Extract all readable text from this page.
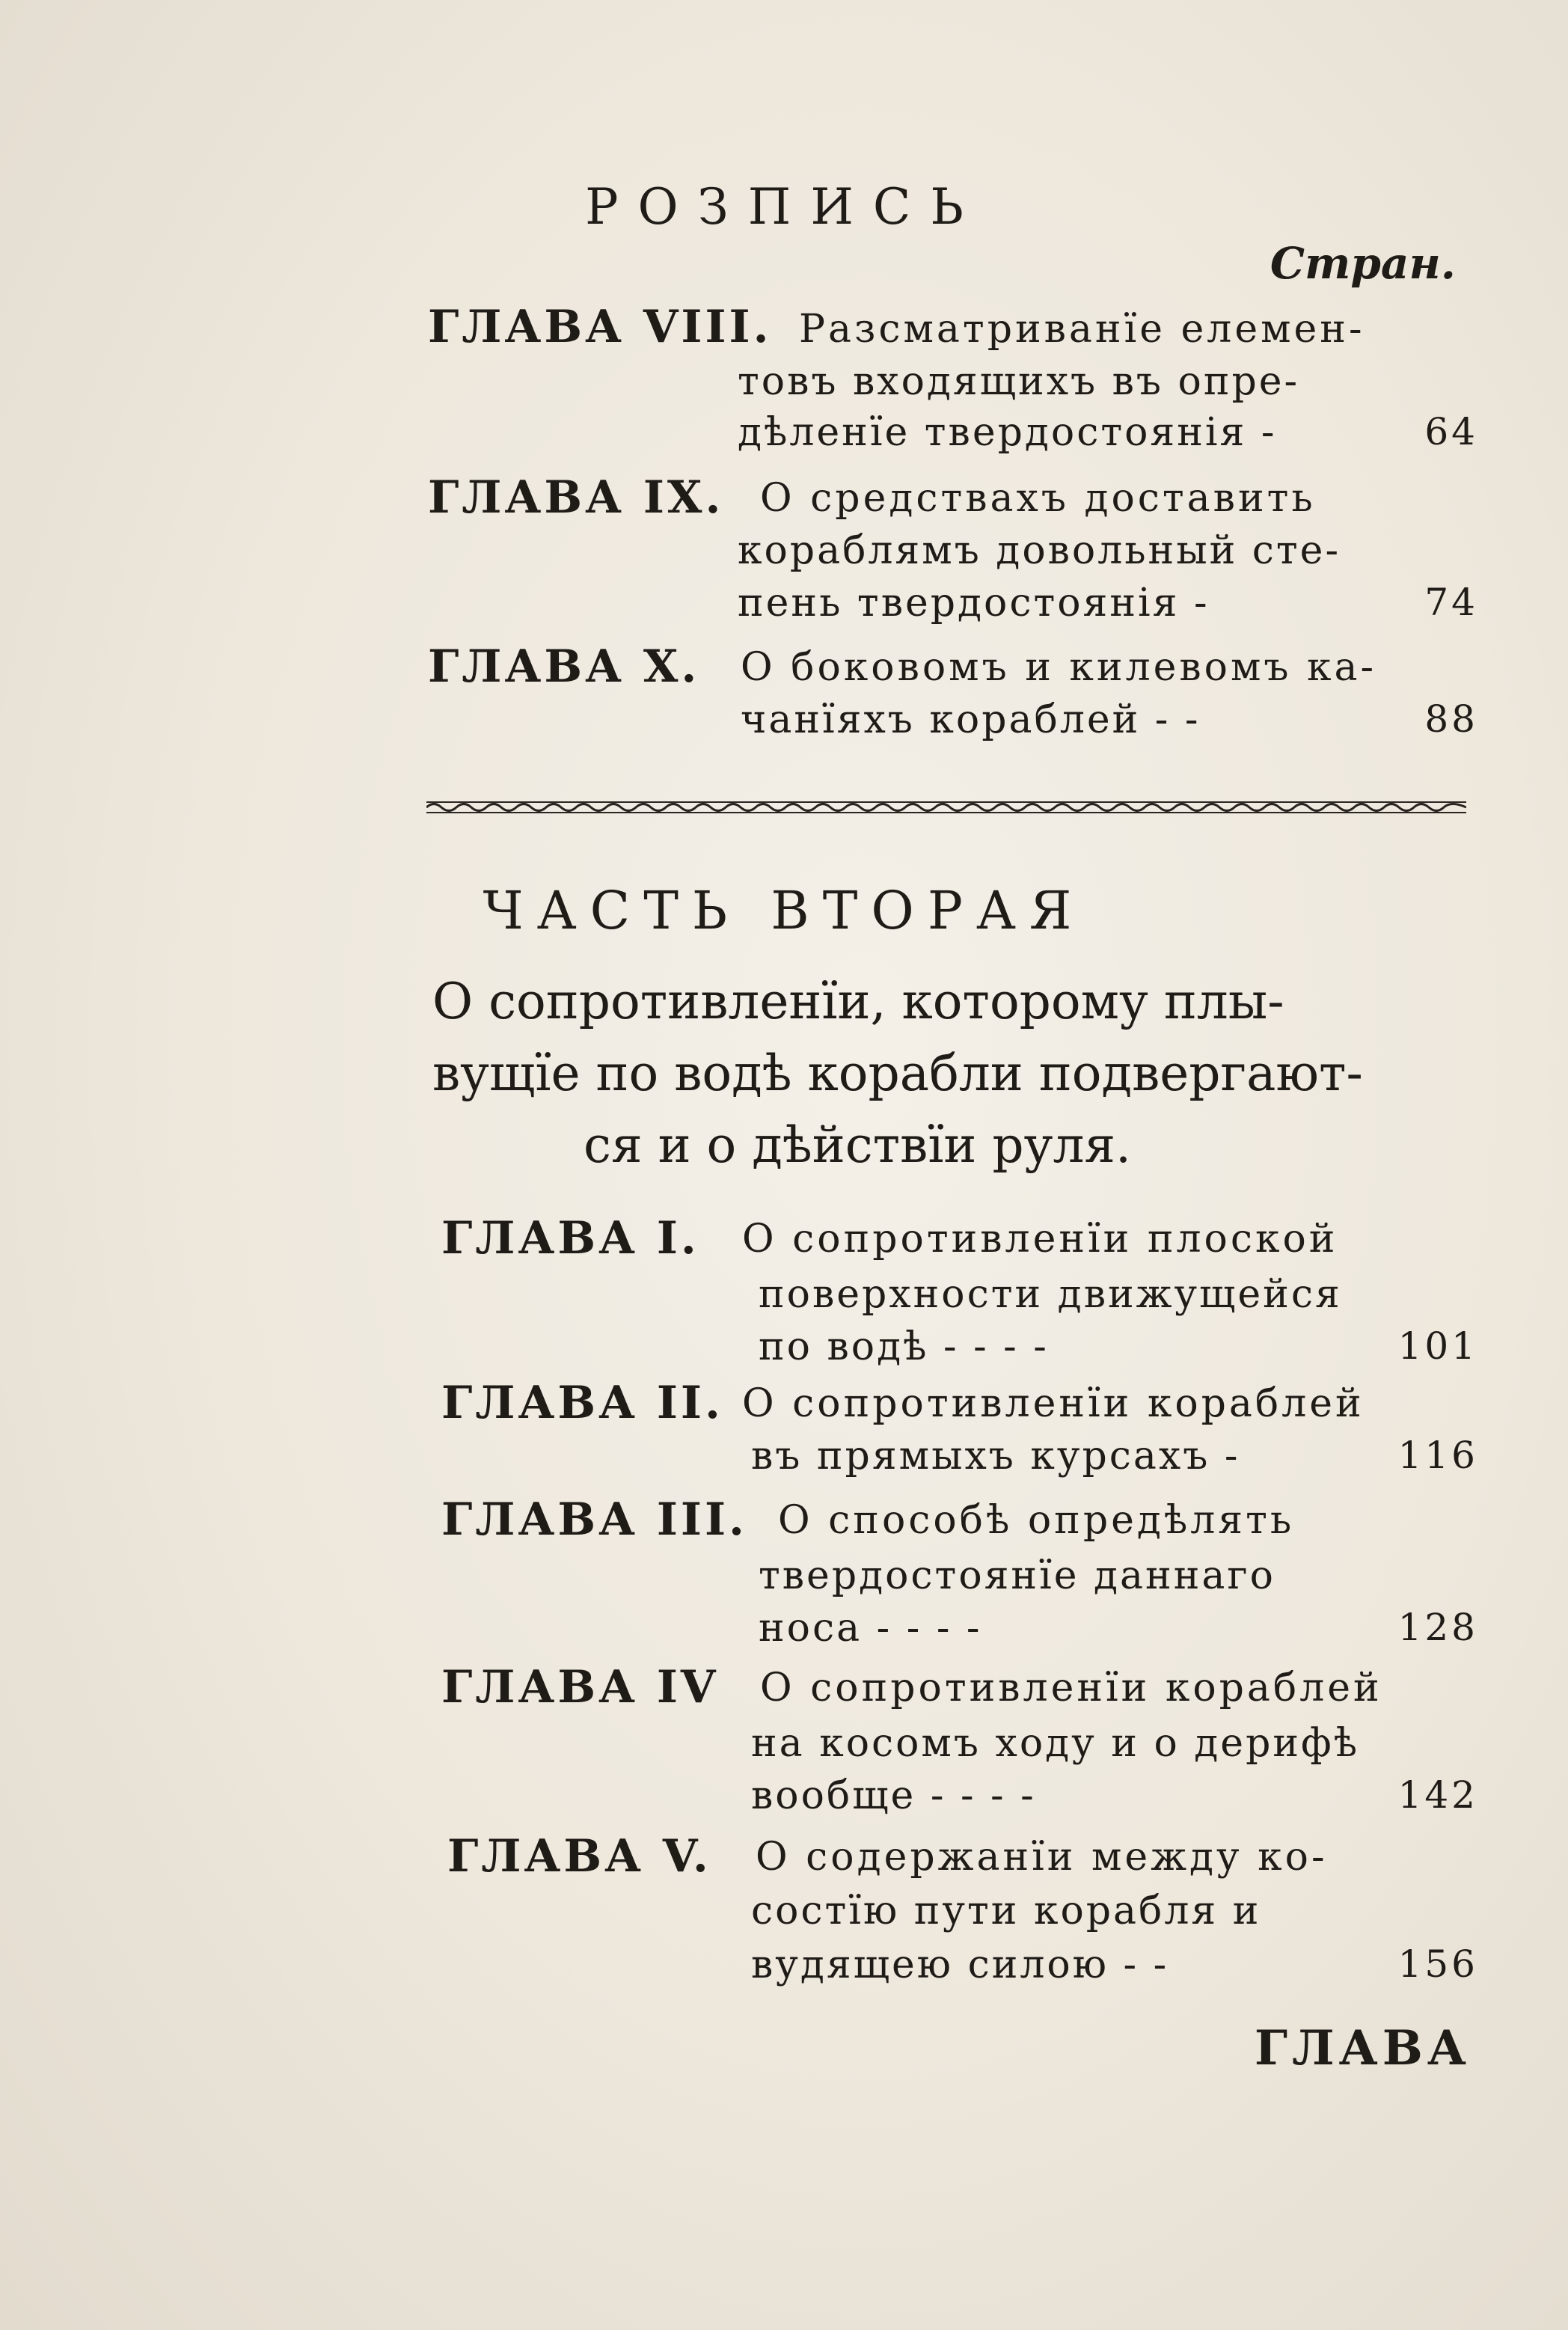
РОЗПИСЬ
Стран.
ГЛАВА VIII. Разсматриванїе елемен-
товъ входящихъ въ опре-
дѣленїе твердостоянія -	64
ГЛАВА IX. О средствахъ доставить
кораблямъ довольный сте-
пень твердостоянія -	74
ГЛАВА X. О боковомъ и килевомъ ка-
чанїяхъ кораблей - -	88
ЧАСТЬ ВТОРАЯ
О сопротивленїи, которому плы-
вущїе по водѣ корабли подвергают-
ся и о дѣйствїи руля.
ГЛАВА I. О сопротивленїи плоской
поверхности движущейся
по водѣ - - - -	101
ГЛАВА II. О сопротивленїи кораблей
въ прямыхъ курсахъ -	116
ГЛАВА III. О способѣ опредѣлять
твердостоянїе даннаго
носа - - - -	128
ГЛАВА IV О сопротивленїи кораблей
на косомъ ходу и о дерифѣ
вообще - - - -	142
ГЛАВА V. О содержанїи между ко-
состїю пути корабля и
вудящею силою - -	156
ГЛАВА
